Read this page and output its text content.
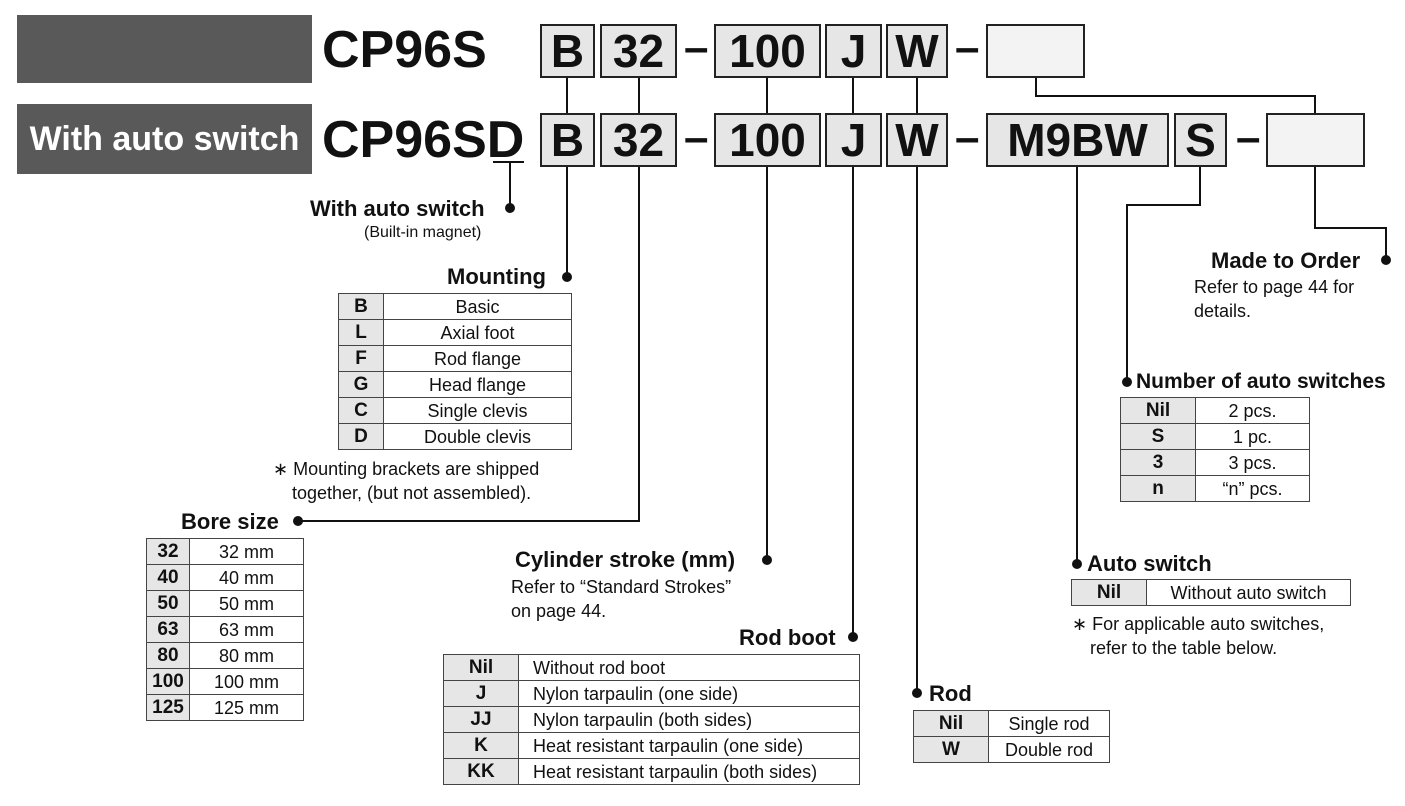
With auto switch
CP96S
CP96SD
B 32 – 100 J W –
B 32 – 100 J W – M9BW S –
With auto switch
(Built-in magnet)
Mounting
B	Basic
L	Axial foot
F	Rod flange
G	Head flange
C	Single clevis
D	Double clevis
∗ Mounting brackets are shipped
together, (but not assembled).
Bore size
32	32 mm
40	40 mm
50	50 mm
63	63 mm
80	80 mm
100	100 mm
125	125 mm
Cylinder stroke (mm)
Refer to “Standard Strokes”
on page 44.
Rod boot
Nil	Without rod boot
J	Nylon tarpaulin (one side)
JJ	Nylon tarpaulin (both sides)
K	Heat resistant tarpaulin (one side)
KK	Heat resistant tarpaulin (both sides)
Rod
Nil	Single rod
W	Double rod
Auto switch
Nil	Without auto switch
∗ For applicable auto switches,
refer to the table below.
Number of auto switches
Nil	2 pcs.
S	1 pc.
3	3 pcs.
n	“n” pcs.
Made to Order
Refer to page 44 for
details.
